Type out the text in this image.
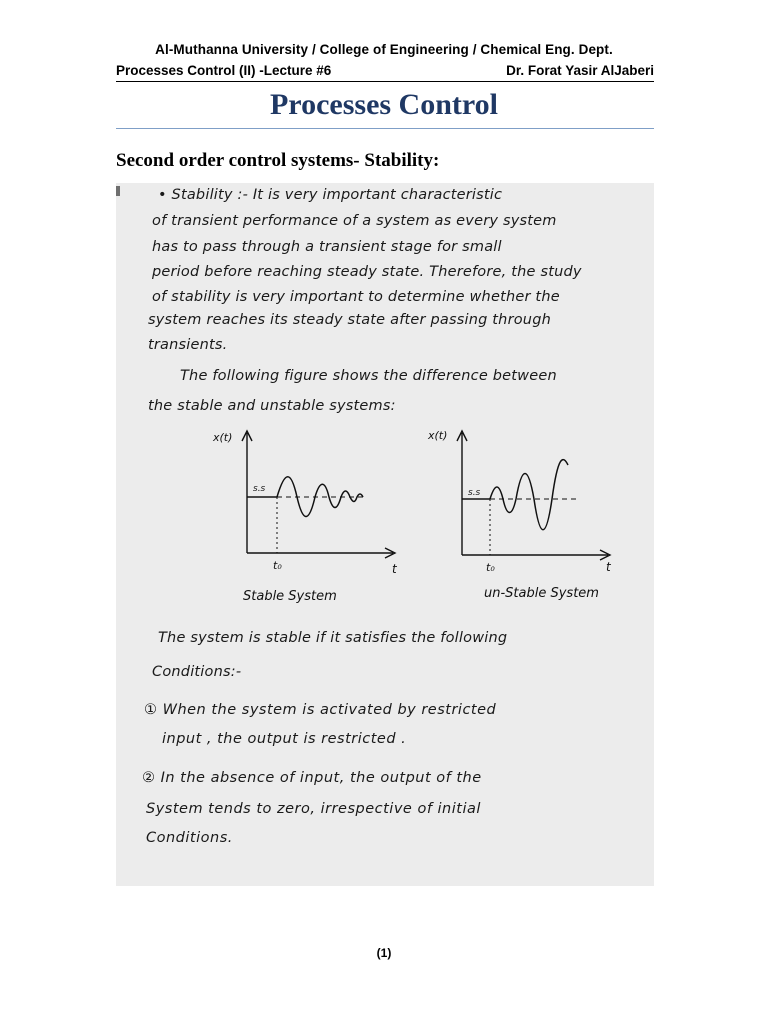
Al-Muthanna University / College of Engineering / Chemical Eng. Dept.
Processes Control (II) -Lecture #6	Dr. Forat Yasir AlJaberi
Processes Control
Second order control systems- Stability:
• Stability :- It is very important characteristic
of transient performance of a system as every system
has to pass through a transient stage for small
period before reaching steady state. Therefore, the study
of stability is very important to determine whether the
system reaches its steady state after passing through
transients.
The following figure shows the difference between
the stable and unstable systems:
x(t)
s.s
t₀	t
Stable System
x(t)
s.s
t₀	t
un-Stable System
The system is stable if it satisfies the following
Conditions:-
① When the system is activated by restricted
input , the output is restricted .
② In the absence of input, the output of the
System tends to zero, irrespective of initial
Conditions.
(1)
